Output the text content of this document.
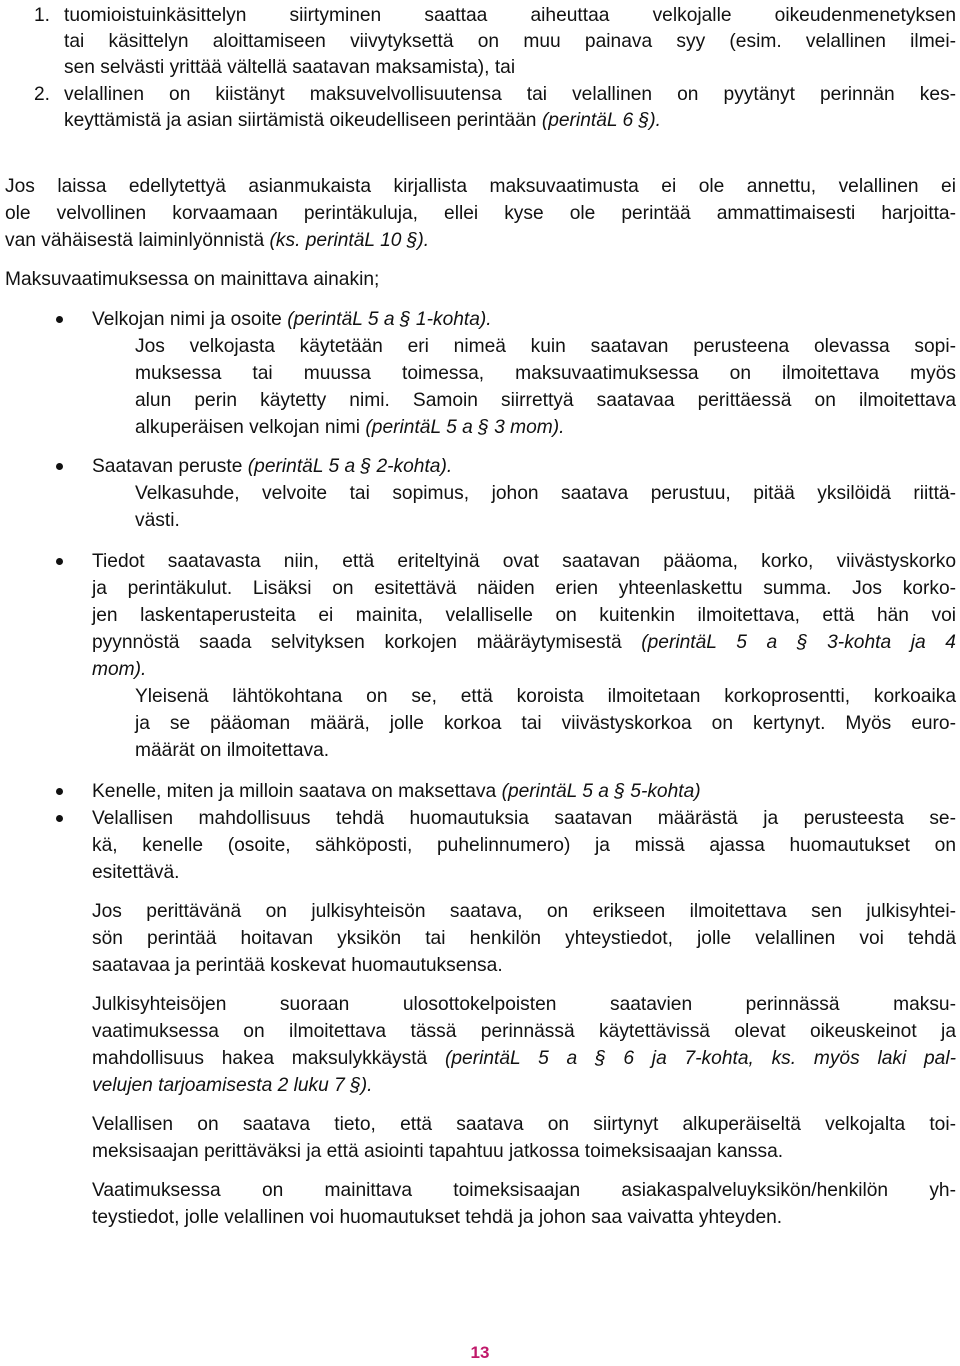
1. tuomioistuinkäsittelyn siirtyminen saattaa aiheuttaa velkojalle oikeudenmenetyksen

tai käsittelyn aloittamiseen viivytyksettä on muu painava syy (esim. velallinen ilmei-

sen selvästi yrittää vältellä saatavan maksamista), tai

2. velallinen on kiistänyt maksuvelvollisuutensa tai velallinen on pyytänyt perinnän kes-

keyttämistä ja asian siirtämistä oikeudelliseen perintään (perintäL 6 §).

Jos laissa edellytettyä asianmukaista kirjallista maksuvaatimusta ei ole annettu, velallinen ei

ole velvollinen korvaamaan perintäkuluja, ellei kyse ole perintää ammattimaisesti harjoitta-

van vähäisestä laiminlyönnistä (ks. perintäL 10 §).

Maksuvaatimuksessa on mainittava ainakin;

Velkojan nimi ja osoite (perintäL 5 a § 1-kohta).

Jos velkojasta käytetään eri nimeä kuin saatavan perusteena olevassa sopi-

muksessa tai muussa toimessa, maksuvaatimuksessa on ilmoitettava myös

alun perin käytetty nimi. Samoin siirrettyä saatavaa perittäessä on ilmoitettava

alkuperäisen velkojan nimi (perintäL 5 a § 3 mom).

Saatavan peruste (perintäL 5 a § 2-kohta).

Velkasuhde, velvoite tai sopimus, johon saatava perustuu, pitää yksilöidä riittä-

västi.

Tiedot saatavasta niin, että eriteltyinä ovat saatavan pääoma, korko, viivästyskorko

ja perintäkulut. Lisäksi on esitettävä näiden erien yhteenlaskettu summa. Jos korko-

jen laskentaperusteita ei mainita, velalliselle on kuitenkin ilmoitettava, että hän voi

pyynnöstä saada selvityksen korkojen määräytymisestä (perintäL 5 a § 3-kohta ja 4

mom).

Yleisenä lähtökohtana on se, että koroista ilmoitetaan korkoprosentti, korkoaika

ja se pääoman määrä, jolle korkoa tai viivästyskorkoa on kertynyt. Myös euro-

määrät on ilmoitettava.

Kenelle, miten ja milloin saatava on maksettava (perintäL 5 a § 5-kohta)

Velallisen mahdollisuus tehdä huomautuksia saatavan määrästä ja perusteesta se-

kä, kenelle (osoite, sähköposti, puhelinnumero) ja missä ajassa huomautukset on

esitettävä.

Jos perittävänä on julkisyhteisön saatava, on erikseen ilmoitettava sen julkisyhtei-

sön perintää hoitavan yksikön tai henkilön yhteystiedot, jolle velallinen voi tehdä

saatavaa ja perintää koskevat huomautuksensa.

Julkisyhteisöjen suoraan ulosottokelpoisten saatavien perinnässä maksu-

vaatimuksessa on ilmoitettava tässä perinnässä käytettävissä olevat oikeuskeinot ja

mahdollisuus hakea maksulykkäystä (perintäL 5 a § 6 ja 7-kohta, ks. myös laki pal-

velujen tarjoamisesta 2 luku 7 §).

Velallisen on saatava tieto, että saatava on siirtynyt alkuperäiseltä velkojalta toi-

meksisaajan perittäväksi ja että asiointi tapahtuu jatkossa toimeksisaajan kanssa.

Vaatimuksessa on mainittava toimeksisaajan asiakaspalveluyksikön/henkilön yh-

teystiedot, jolle velallinen voi huomautukset tehdä ja johon saa vaivatta yhteyden.

13
